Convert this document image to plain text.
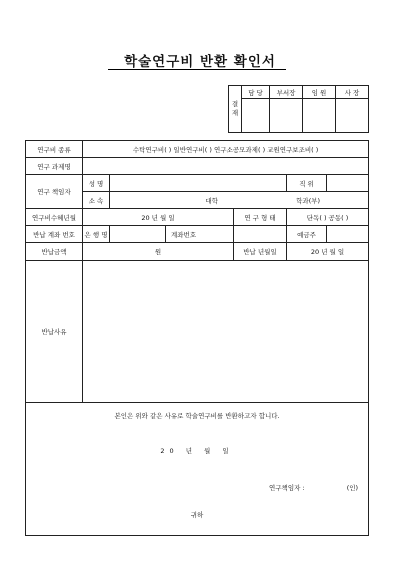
학술연구비 반환 확인서
결
재	담 당	부서장	임 원	사 장

연구비 종류	수탁연구비( ) 일반연구비( ) 연구소공모과제( ) 교원연구보조비( )					
연구 과제명						
연구 책임자	성 명				직 위	
	소 속	대학 학과(부)				
연구비수혜년월	20 년 월 일			연 구 형 태	단독( ) 공동( )	
반납 계좌 번호	은 행 명		계좌번호		예금주	
반납금액	원			반납 년월일	20 년 월 일	
반납사유						

본인은 위와 같은 사유로 학술연구비를 반환하고자 합니다.
20 년 월 일
연구책임자 : (인)
귀하						
